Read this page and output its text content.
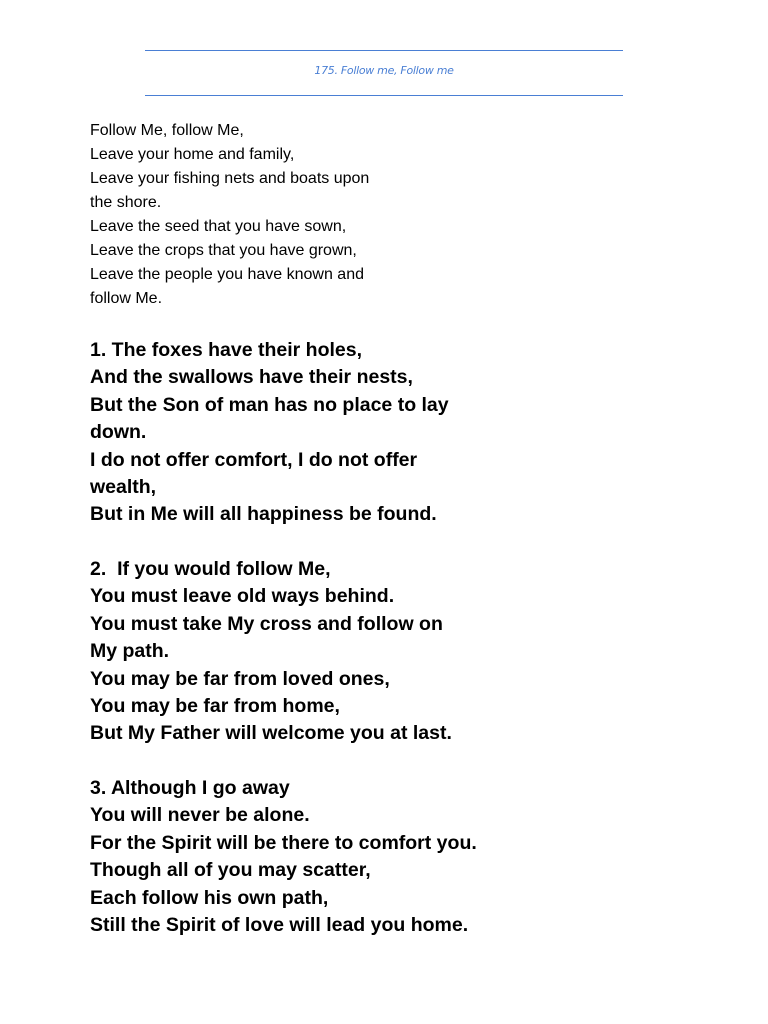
175. Follow me, Follow me
Follow Me, follow Me,
Leave your home and family,
Leave your fishing nets and boats upon
the shore.
Leave the seed that you have sown,
Leave the crops that you have grown,
Leave the people you have known and
follow Me.
1. The foxes have their holes,
And the swallows have their nests,
But the Son of man has no place to lay
down.
I do not offer comfort, I do not offer
wealth,
But in Me will all happiness be found.
2.  If you would follow Me,
You must leave old ways behind.
You must take My cross and follow on
My path.
You may be far from loved ones,
You may be far from home,
But My Father will welcome you at last.
3. Although I go away
You will never be alone.
For the Spirit will be there to comfort you.
Though all of you may scatter,
Each follow his own path,
Still the Spirit of love will lead you home.
